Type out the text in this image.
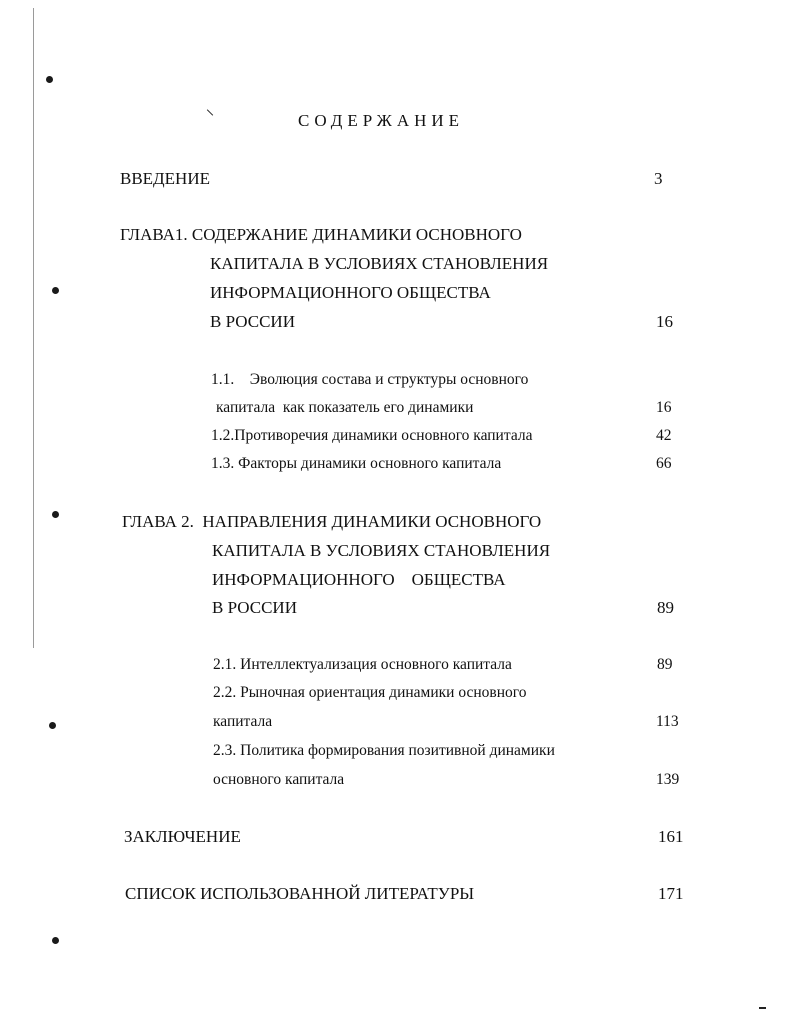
СОДЕРЖАНИЕ
ВВЕДЕНИЕ	3
ГЛАВА1. СОДЕРЖАНИЕ ДИНАМИКИ ОСНОВНОГО
КАПИТАЛА В УСЛОВИЯХ СТАНОВЛЕНИЯ
ИНФОРМАЦИОННОГО ОБЩЕСТВА
В РОССИИ	16
1.1.    Эволюция состава и структуры основного
капитала  как показатель его динамики	16
1.2.Противоречия динамики основного капитала	42
1.3. Факторы динамики основного капитала	66
ГЛАВА 2.  НАПРАВЛЕНИЯ ДИНАМИКИ ОСНОВНОГО
КАПИТАЛА В УСЛОВИЯХ СТАНОВЛЕНИЯ
ИНФОРМАЦИОННОГО    ОБЩЕСТВА
В РОССИИ	89
2.1. Интеллектуализация основного капитала	89
2.2. Рыночная ориентация динамики основного
капитала	113
2.3. Политика формирования позитивной динамики
основного капитала	139
ЗАКЛЮЧЕНИЕ	161
СПИСОК ИСПОЛЬЗОВАННОЙ ЛИТЕРАТУРЫ	171
